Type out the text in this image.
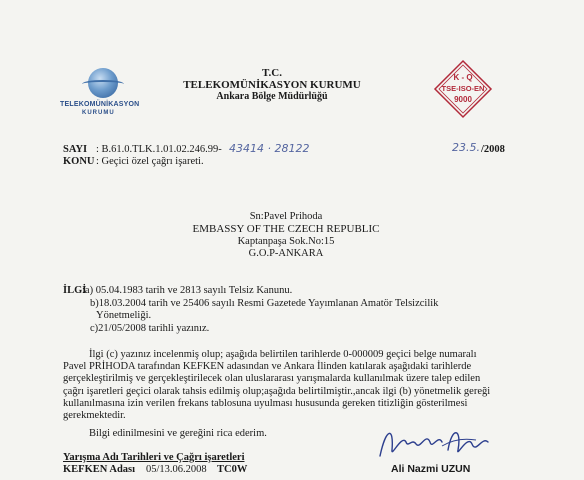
TELEKOMÜNİKASYON
KURUMU
T.C.
TELEKOMÜNİKASYON KURUMU
Ankara Bölge Müdürlüğü
K - Q
TSE-ISO-EN
9000
SAYI : B.61.0.TLK.1.01.02.246.99- 43414 · 28122	23.5. /2008
KONU : Geçici özel çağrı işareti.
Sn:Pavel Prihoda
EMBASSY OF THE CZECH REPUBLIC
Kaptanpaşa Sok.No:15
G.O.P-ANKARA
İLGİ
:a) 05.04.1983 tarih ve 2813 sayılı Telsiz Kanunu.
b)18.03.2004 tarih ve 25406 sayılı Resmi Gazetede Yayımlanan Amatör Telsizcilik
Yönetmeliği.
c)21/05/2008 tarihli yazınız.
İlgi (c) yazınız incelenmiş olup; aşağıda belirtilen tarihlerde 0-000009 geçici belge numaralı
Pavel PRİHODA tarafından KEFKEN adasından ve Ankara İlinden katılarak aşağıdaki tarihlerde
gerçekleştirilmiş ve gerçekleştirilecek olan uluslararası yarışmalarda kullanılmak üzere talep edilen
çağrı işaretleri geçici olarak tahsis edilmiş olup;aşağıda belirtilmiştir.,ancak ilgi (b) yönetmelik gereği
kullanılmasına izin verilen frekans tablosuna uyulması hususunda gereken titizliğin gösterilmesi
gerekmektedir.
Bilgi edinilmesini ve gereğini rica ederim.
Yarışma Adı Tarihleri ve Çağrı işaretleri
KEFKEN Adası 05/13.06.2008 TC0W	Ali Nazmi UZUN
